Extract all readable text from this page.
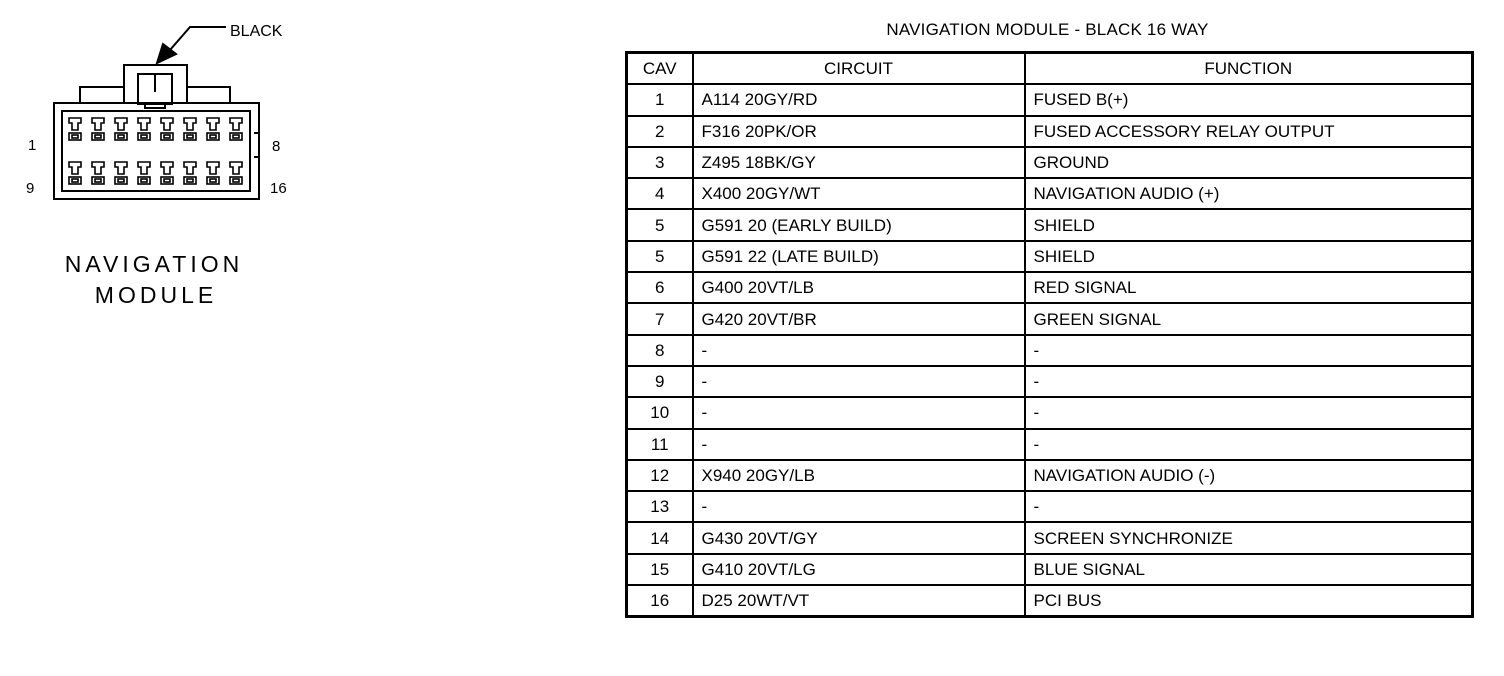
BLACK
1	8
9	16
NAVIGATION
MODULE
NAVIGATION MODULE - BLACK 16 WAY
CAV	CIRCUIT	FUNCTION
1	A114 20GY/RD	FUSED B(+)
2	F316 20PK/OR	FUSED ACCESSORY RELAY OUTPUT
3	Z495 18BK/GY	GROUND
4	X400 20GY/WT	NAVIGATION AUDIO (+)
5	G591 20 (EARLY BUILD)	SHIELD
5	G591 22 (LATE BUILD)	SHIELD
6	G400 20VT/LB	RED SIGNAL
7	G420 20VT/BR	GREEN SIGNAL
8	-	-
9	-	-
10	-	-
11	-	-
12	X940 20GY/LB	NAVIGATION AUDIO (-)
13	-	-
14	G430 20VT/GY	SCREEN SYNCHRONIZE
15	G410 20VT/LG	BLUE SIGNAL
16	D25 20WT/VT	PCI BUS
